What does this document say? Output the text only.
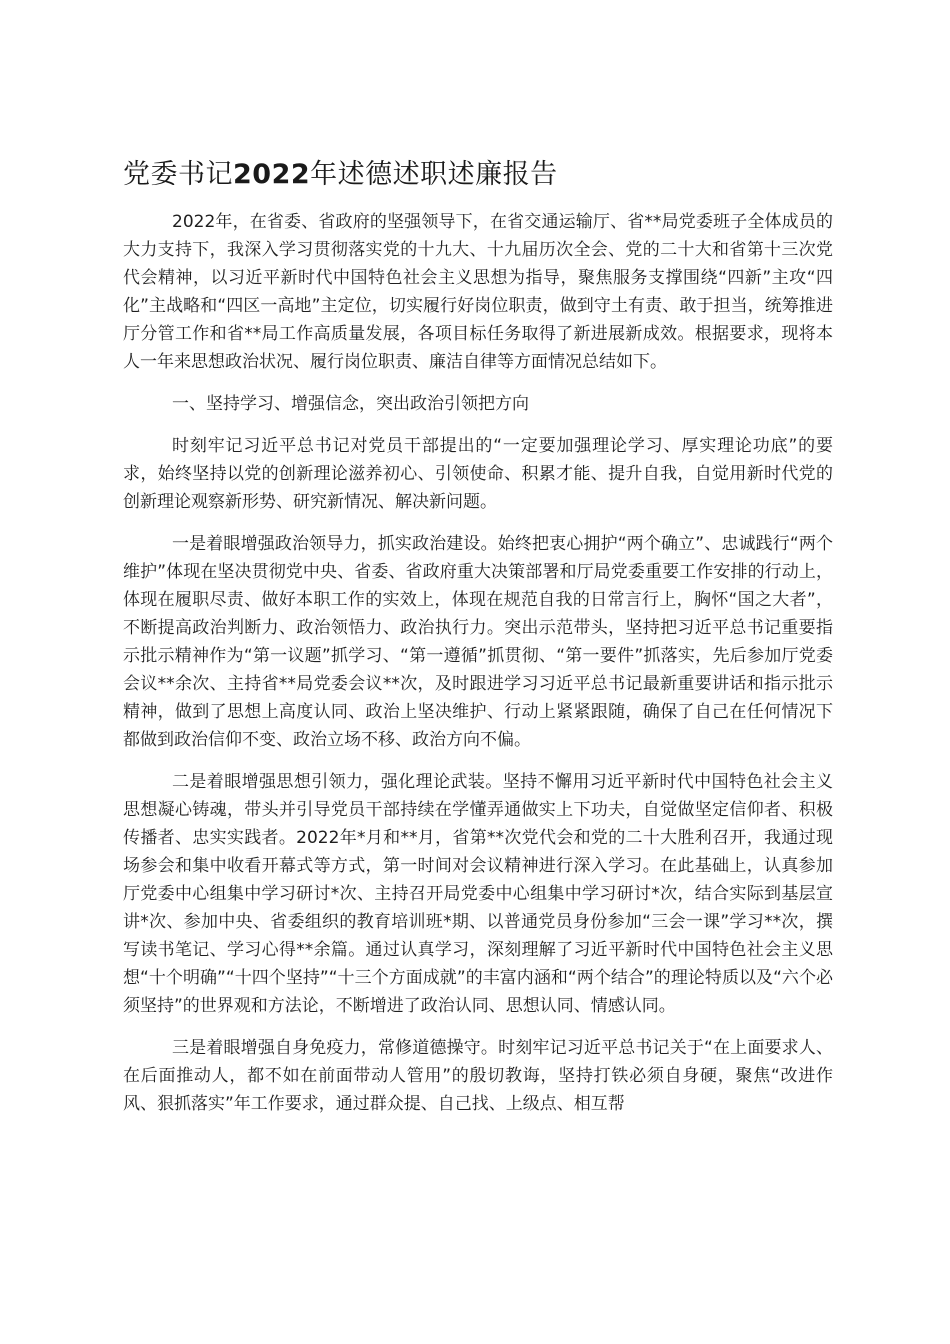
党委书记2022年述德述职述廉报告

2022年，在省委、省政府的坚强领导下，在省交通运输厅、省**局党委班子全体成员的大力支持下，我深入学习贯彻落实党的十九大、十九届历次全会、党的二十大和省第十三次党代会精神，以习近平新时代中国特色社会主义思想为指导，聚焦服务支撑围绕“四新”主攻“四化”主战略和“四区一高地”主定位，切实履行好岗位职责，做到守土有责、敢于担当，统筹推进厅分管工作和省**局工作高质量发展，各项目标任务取得了新进展新成效。根据要求，现将本人一年来思想政治状况、履行岗位职责、廉洁自律等方面情况总结如下。

一、坚持学习、增强信念，突出政治引领把方向

时刻牢记习近平总书记对党员干部提出的“一定要加强理论学习、厚实理论功底”的要求，始终坚持以党的创新理论滋养初心、引领使命、积累才能、提升自我，自觉用新时代党的创新理论观察新形势、研究新情况、解决新问题。

一是着眼增强政治领导力，抓实政治建设。始终把衷心拥护“两个确立”、忠诚践行“两个维护”体现在坚决贯彻党中央、省委、省政府重大决策部署和厅局党委重要工作安排的行动上，体现在履职尽责、做好本职工作的实效上，体现在规范自我的日常言行上，胸怀“国之大者”，不断提高政治判断力、政治领悟力、政治执行力。突出示范带头，坚持把习近平总书记重要指示批示精神作为“第一议题”抓学习、“第一遵循”抓贯彻、“第一要件”抓落实，先后参加厅党委会议**余次、主持省**局党委会议**次，及时跟进学习习近平总书记最新重要讲话和指示批示精神，做到了思想上高度认同、政治上坚决维护、行动上紧紧跟随，确保了自己在任何情况下都做到政治信仰不变、政治立场不移、政治方向不偏。

二是着眼增强思想引领力，强化理论武装。坚持不懈用习近平新时代中国特色社会主义思想凝心铸魂，带头并引导党员干部持续在学懂弄通做实上下功夫，自觉做坚定信仰者、积极传播者、忠实实践者。2022年*月和**月，省第**次党代会和党的二十大胜利召开，我通过现场参会和集中收看开幕式等方式，第一时间对会议精神进行深入学习。在此基础上，认真参加厅党委中心组集中学习研讨*次、主持召开局党委中心组集中学习研讨*次，结合实际到基层宣讲*次、参加中央、省委组织的教育培训班*期、以普通党员身份参加“三会一课”学习**次，撰写读书笔记、学习心得**余篇。通过认真学习，深刻理解了习近平新时代中国特色社会主义思想“十个明确”“十四个坚持”“十三个方面成就”的丰富内涵和“两个结合”的理论特质以及“六个必须坚持”的世界观和方法论，不断增进了政治认同、思想认同、情感认同。

三是着眼增强自身免疫力，常修道德操守。时刻牢记习近平总书记关于“在上面要求人、在后面推动人，都不如在前面带动人管用”的殷切教诲，坚持打铁必须自身硬，聚焦“改进作风、狠抓落实”年工作要求，通过群众提、自己找、上级点、相互帮
